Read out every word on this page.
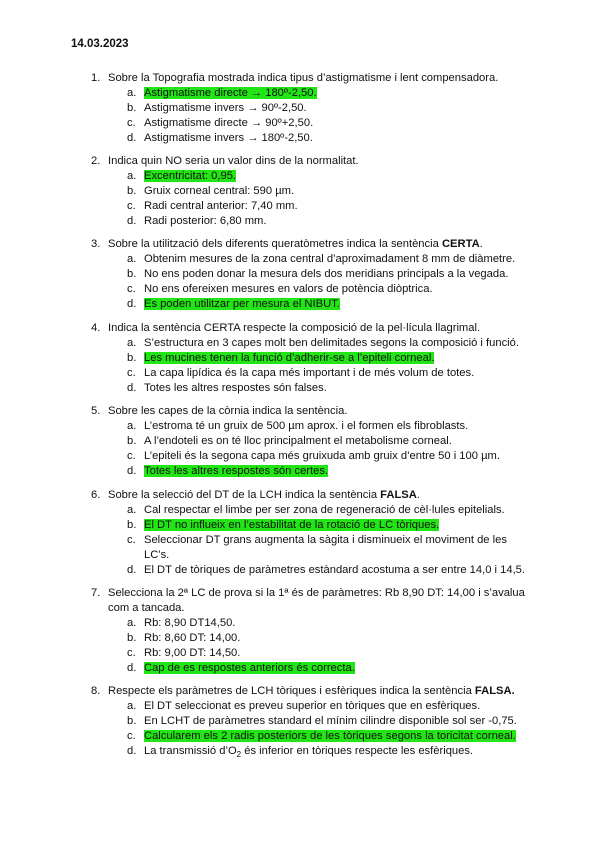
14.03.2023
1. Sobre la Topografia mostrada indica tipus d’astigmatisme i lent compensadora.
a. Astigmatisme directe → 180º-2,50.
b. Astigmatisme invers → 90º-2,50.
c. Astigmatisme directe → 90º+2,50.
d. Astigmatisme invers → 180º-2,50.
2. Indica quin NO seria un valor dins de la normalitat.
a. Excentricitat: 0,95.
b. Gruix corneal central: 590 µm.
c. Radi central anterior: 7,40 mm.
d. Radi posterior: 6,80 mm.
3. Sobre la utilització dels diferents queratòmetres indica la sentència CERTA.
a. Obtenim mesures de la zona central d’aproximadament 8 mm de diàmetre.
b. No ens poden donar la mesura dels dos meridians principals a la vegada.
c. No ens ofereixen mesures en valors de potència diòptrica.
d. Es poden utilitzar per mesura el NIBUT.
4. Indica la sentència CERTA respecte la composició de la pel·lícula llagrimal.
a. S’estructura en 3 capes molt ben delimitades segons la composició i funció.
b. Les mucines tenen la funció d’adherir-se a l’epiteli corneal.
c. La capa lipídica és la capa més important i de més volum de totes.
d. Totes les altres respostes són falses.
5. Sobre les capes de la còrnia indica la sentència.
a. L’estroma té un gruix de 500 µm aprox. i el formen els fibroblasts.
b. A l’endoteli es on té lloc principalment el metabolisme corneal.
c. L’epiteli és la segona capa més gruixuda amb gruix d’entre 50 i 100 µm.
d. Totes les altres respostes són certes.
6. Sobre la selecció del DT de la LCH indica la sentència FALSA.
a. Cal respectar el limbe per ser zona de regeneració de cèl·lules epitelials.
b. El DT no influeix en l’estabilitat de la rotació de LC tòriques.
c. Seleccionar DT grans augmenta la sàgita i disminueix el moviment de les LC’s.
d. El DT de tòriques de paràmetres estàndard acostuma a ser entre 14,0 i 14,5.
7. Selecciona la 2ª LC de prova si la 1ª és de paràmetres: Rb 8,90 DT: 14,00 i s’avalua com a tancada.
a. Rb: 8,90 DT14,50.
b. Rb: 8,60 DT: 14,00.
c. Rb: 9,00 DT: 14,50.
d. Cap de es respostes anteriors és correcta.
8. Respecte els paràmetres de LCH tòriques i esfèriques indica la sentència FALSA.
a. El DT seleccionat es preveu superior en tòriques que en esfèriques.
b. En LCHT de paràmetres standard el mínim cilindre disponible sol ser -0,75.
c. Calcularem els 2 radis posteriors de les tòriques segons la toricitat corneal.
d. La transmissió $d’O_2$ és inferior en tòriques respecte les esfèriques.
